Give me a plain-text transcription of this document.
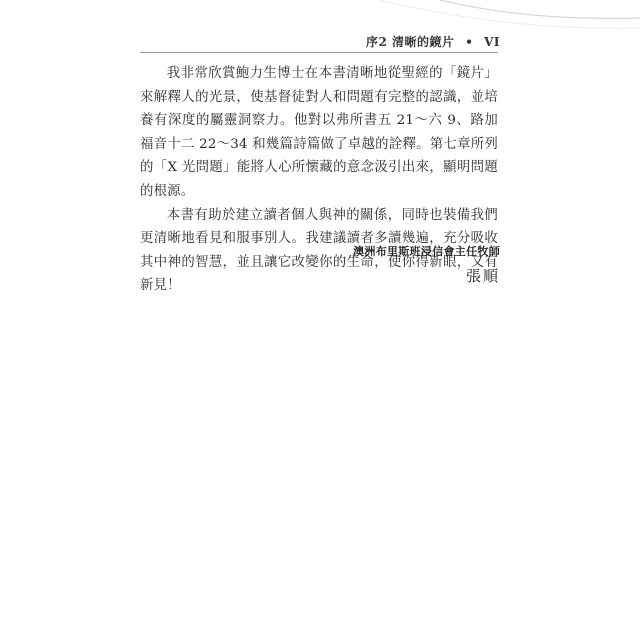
序2 清晰的鏡片 • VI

我非常欣賞鮑力生博士在本書清晰地從聖經的「鏡片」來解釋人的光景，使基督徒對人和問題有完整的認識，並培養有深度的屬靈洞察力。他對以弗所書五 21～六 9、路加福音十二 22～34 和幾篇詩篇做了卓越的詮釋。第七章所列的「X 光問題」能將人心所懷藏的意念汲引出來，顯明問題的根源。

本書有助於建立讀者個人與神的關係，同時也裝備我們更清晰地看見和服事別人。我建議讀者多讀幾遍，充分吸收其中神的智慧，並且讓它改變你的生命，使你得新眼，又有新見！

澳洲布里斯班浸信會主任牧師
張順
